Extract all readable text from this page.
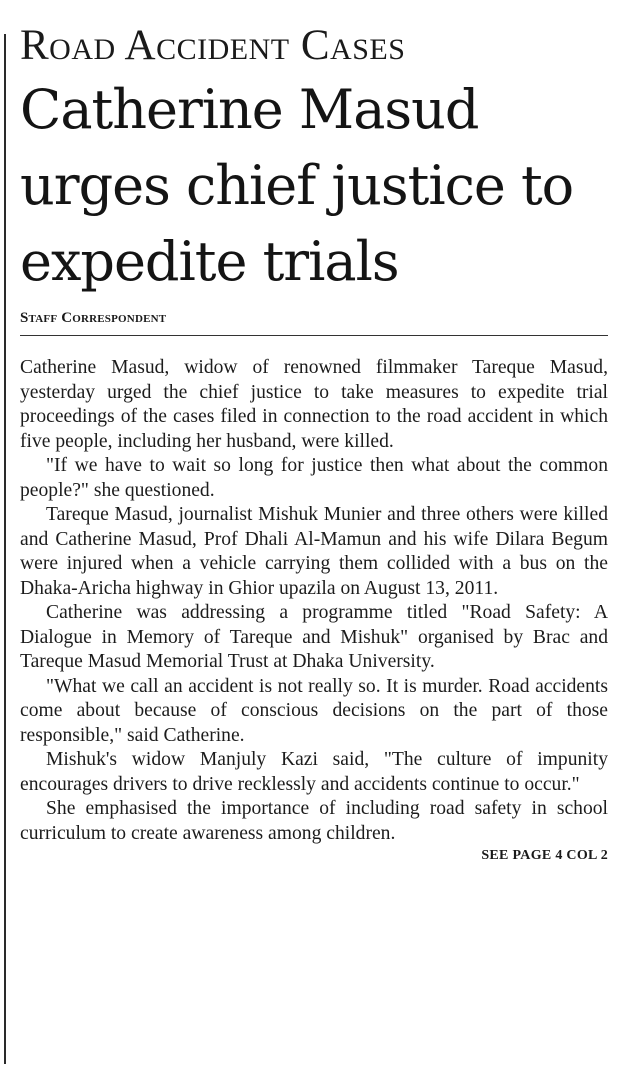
Road Accident Cases
Catherine Masud urges chief justice to expedite trials
Staff Correspondent

Catherine Masud, widow of renowned filmmaker Tareque Masud, yesterday urged the chief justice to take measures to expedite trial proceedings of the cases filed in connection to the road accident in which five people, including her husband, were killed.

"If we have to wait so long for justice then what about the common people?" she questioned.

Tareque Masud, journalist Mishuk Munier and three others were killed and Catherine Masud, Prof Dhali Al-Mamun and his wife Dilara Begum were injured when a vehicle carrying them collided with a bus on the Dhaka-Aricha highway in Ghior upazila on August 13, 2011.

Catherine was addressing a programme titled "Road Safety: A Dialogue in Memory of Tareque and Mishuk" organised by Brac and Tareque Masud Memorial Trust at Dhaka University.

"What we call an accident is not really so. It is murder. Road accidents come about because of conscious decisions on the part of those responsible," said Catherine.

Mishuk's widow Manjuly Kazi said, "The culture of impunity encourages drivers to drive recklessly and accidents continue to occur."

She emphasised the importance of including road safety in school curriculum to create awareness among children.

SEE PAGE 4 COL 2
